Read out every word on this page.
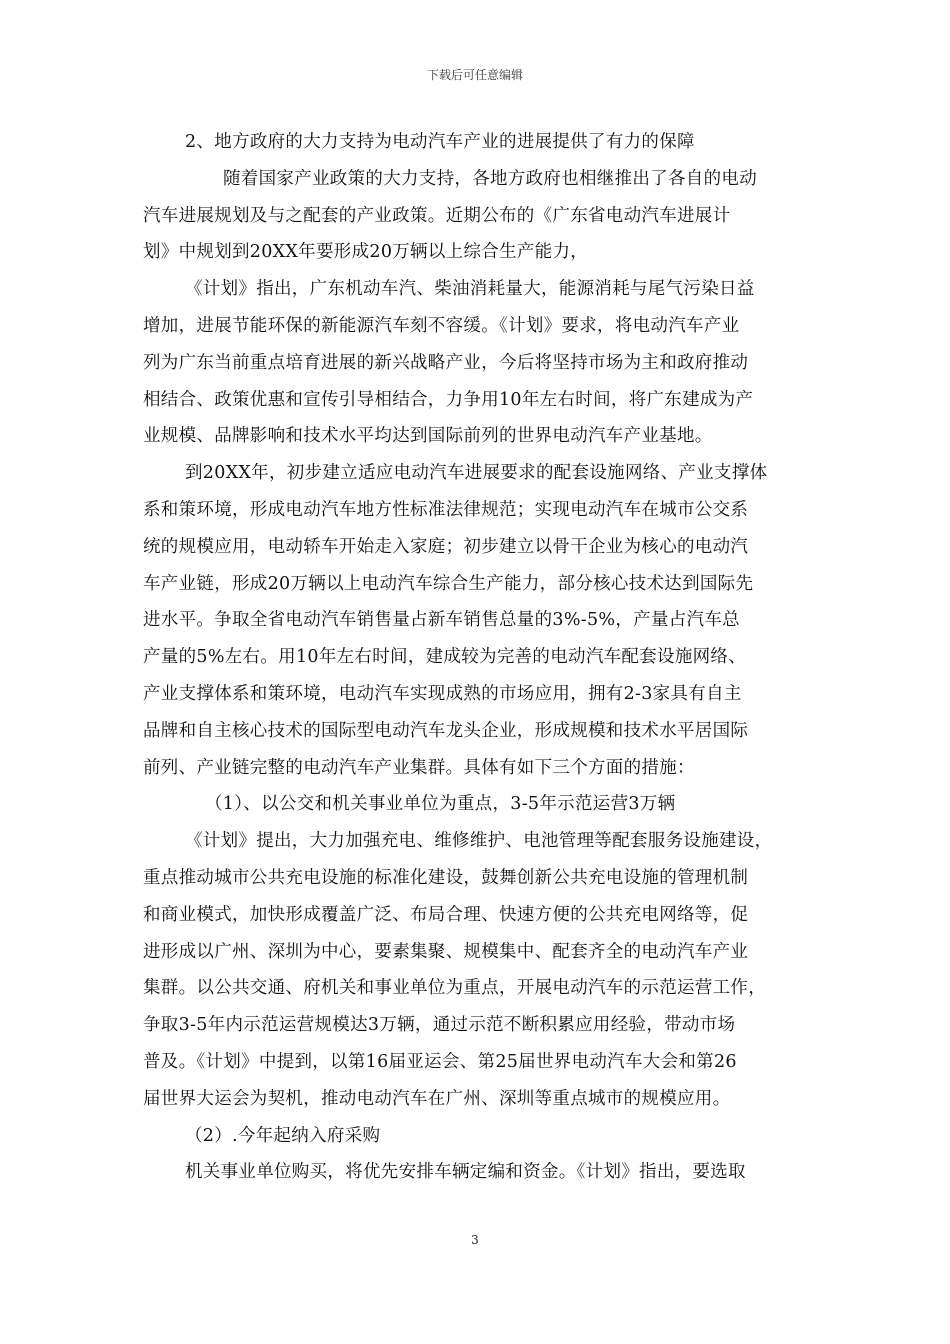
下载后可任意编辑
2、地方政府的大力支持为电动汽车产业的进展提供了有力的保障
随着国家产业政策的大力支持，各地方政府也相继推出了各自的电动
汽车进展规划及与之配套的产业政策。近期公布的《广东省电动汽车进展计
划》中规划到20XX年要形成20万辆以上综合生产能力，
《计划》指出，广东机动车汽、柴油消耗量大，能源消耗与尾气污染日益
增加，进展节能环保的新能源汽车刻不容缓。《计划》要求，将电动汽车产业
列为广东当前重点培育进展的新兴战略产业，今后将坚持市场为主和政府推动
相结合、政策优惠和宣传引导相结合，力争用10年左右时间，将广东建成为产
业规模、品牌影响和技术水平均达到国际前列的世界电动汽车产业基地。
到20XX年，初步建立适应电动汽车进展要求的配套设施网络、产业支撑体
系和策环境，形成电动汽车地方性标准法律规范；实现电动汽车在城市公交系
统的规模应用，电动轿车开始走入家庭；初步建立以骨干企业为核心的电动汽
车产业链，形成20万辆以上电动汽车综合生产能力，部分核心技术达到国际先
进水平。争取全省电动汽车销售量占新车销售总量的3%-5%，产量占汽车总
产量的5%左右。用10年左右时间，建成较为完善的电动汽车配套设施网络、
产业支撑体系和策环境，电动汽车实现成熟的市场应用，拥有2-3家具有自主
品牌和自主核心技术的国际型电动汽车龙头企业，形成规模和技术水平居国际
前列、产业链完整的电动汽车产业集群。具体有如下三个方面的措施：
（1）、以公交和机关事业单位为重点，3-5年示范运营3万辆
《计划》提出，大力加强充电、维修维护、电池管理等配套服务设施建设，
重点推动城市公共充电设施的标准化建设，鼓舞创新公共充电设施的管理机制
和商业模式，加快形成覆盖广泛、布局合理、快速方便的公共充电网络等，促
进形成以广州、深圳为中心，要素集聚、规模集中、配套齐全的电动汽车产业
集群。以公共交通、府机关和事业单位为重点，开展电动汽车的示范运营工作，
争取3-5年内示范运营规模达3万辆，通过示范不断积累应用经验，带动市场
普及。《计划》中提到，以第16届亚运会、第25届世界电动汽车大会和第26
届世界大运会为契机，推动电动汽车在广州、深圳等重点城市的规模应用。
（2）.今年起纳入府采购
机关事业单位购买，将优先安排车辆定编和资金。《计划》指出，要选取
3
